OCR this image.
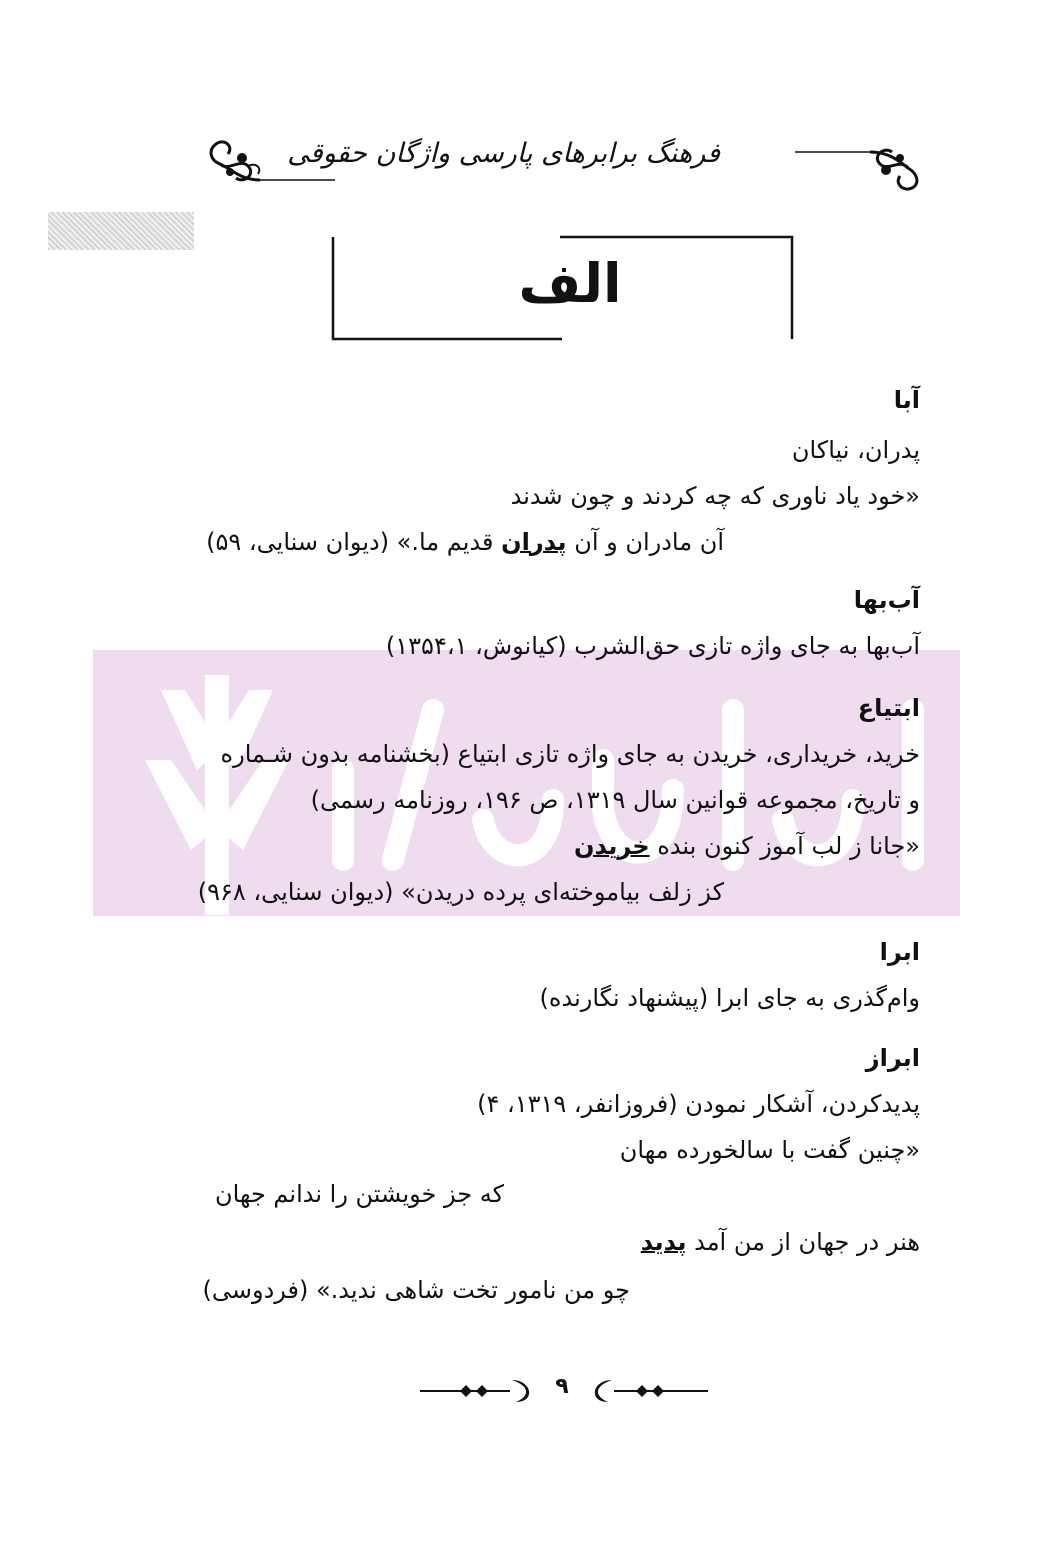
فرهنگ برابرهای پارسی واژگان حقوقی
الف
آبا
پدران، نیاکان
«خود یاد ناوری که چه کردند و چون شدند
آن مادران و آن پدران قدیم ما.» (دیوان سنایی، ۵۹)
آب‌بها
آب‌بها به جای واژه تازی حق‌الشرب (کیانوش، ۱۳۵۴،۱)
ابتیاع
خرید، خریداری، خریدن به جای واژه تازی ابتیاع (بخشنامه بدون شـماره
و تاریخ، مجموعه قوانین سال ۱۳۱۹، ص ۱۹۶، روزنامه رسمی)
«جانا ز لب آموز کنون بنده خریدن
کز زلف بیاموخته‌ای پرده دریدن» (دیوان سنایی، ۹۶۸)
ابرا
وام‌گذری به جای ابرا (پیشنهاد نگارنده)
ابراز
پدیدکردن، آشکار نمودن (فروزانفر، ۱۳۱۹، ۴)
«چنین گفت با سالخورده مهان
که جز خویشتن را ندانم جهان
هنر در جهان از من آمد پدید
چو من نامور تخت شاهی ندید.» (فردوسی)
۹
